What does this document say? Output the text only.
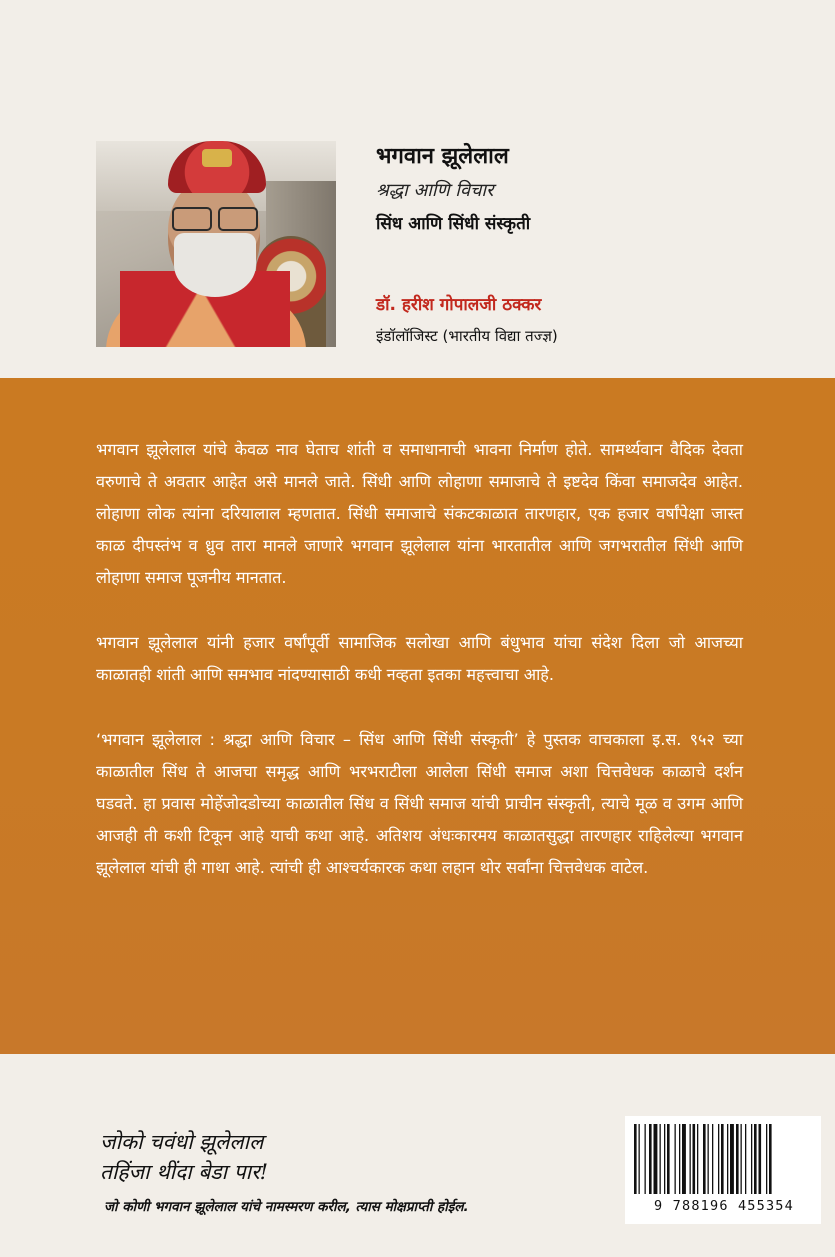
भगवान झूलेलाल
श्रद्धा आणि विचार
सिंध आणि सिंधी संस्कृती
डॉ. हरीश गोपालजी ठक्कर
इंडॉलॉजिस्ट (भारतीय विद्या तज्ज्ञ)

भगवान झूलेलाल यांचे केवळ नाव घेताच शांती व समाधानाची भावना निर्माण होते. सामर्थ्यवान वैदिक देवता वरुणाचे ते अवतार आहेत असे मानले जाते. सिंधी आणि लोहाणा समाजाचे ते इष्टदेव किंवा समाजदेव आहेत. लोहाणा लोक त्यांना दरियालाल म्हणतात. सिंधी समाजाचे संकटकाळात तारणहार, एक हजार वर्षांपेक्षा जास्त काळ दीपस्तंभ व ध्रुव तारा मानले जाणारे भगवान झूलेलाल यांना भारतातील आणि जगभरातील सिंधी आणि लोहाणा समाज पूजनीय मानतात.

भगवान झूलेलाल यांनी हजार वर्षांपूर्वी सामाजिक सलोखा आणि बंधुभाव यांचा संदेश दिला जो आजच्या काळातही शांती आणि समभाव नांदण्यासाठी कधी नव्हता इतका महत्त्वाचा आहे.

‘भगवान झूलेलाल : श्रद्धा आणि विचार – सिंध आणि सिंधी संस्कृती’ हे पुस्तक वाचकाला इ.स. ९५२ च्या काळातील सिंध ते आजचा समृद्ध आणि भरभराटीला आलेला सिंधी समाज अशा चित्तवेधक काळाचे दर्शन घडवते. हा प्रवास मोहेंजोदडोच्या काळातील सिंध व सिंधी समाज यांची प्राचीन संस्कृती, त्याचे मूळ व उगम आणि आजही ती कशी टिकून आहे याची कथा आहे. अतिशय अंधःकारमय काळातसुद्धा तारणहार राहिलेल्या भगवान झूलेलाल यांची ही गाथा आहे. त्यांची ही आश्चर्यकारक कथा लहान थोर सर्वांना चित्तवेधक वाटेल.

जोको चवंधो झूलेलाल
तहिंजा थींदा बेडा पार!
जो कोणी भगवान झूलेलाल यांचे नामस्मरण करील, त्यास मोक्षप्राप्ती होईल.	9 788196 455354
